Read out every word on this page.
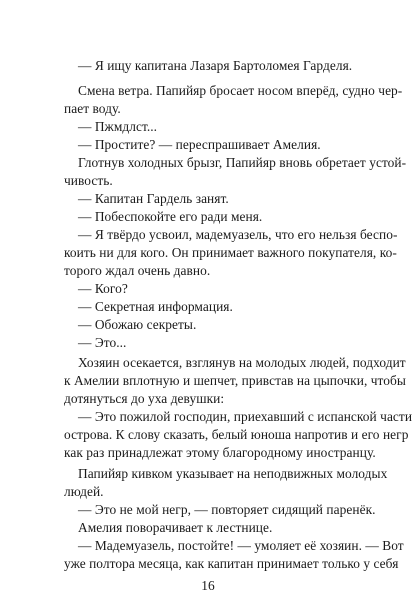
— Я ищу капитана Лазаря Бартоломея Гарделя.

Смена ветра. Папийяр бросает носом вперёд, судно чер-

пает воду.

— Пжмдлст...

— Простите? — переспрашивает Амелия.

Глотнув холодных брызг, Папийяр вновь обретает устой-

чивость.

— Капитан Гардель занят.

— Побеспокойте его ради меня.

— Я твёрдо усвоил, мадемуазель, что его нельзя беспо-

коить ни для кого. Он принимает важного покупателя, ко-

торого ждал очень давно.

— Кого?

— Секретная информация.

— Обожаю секреты.

— Это...

Хозяин осекается, взглянув на молодых людей, подходит

к Амелии вплотную и шепчет, привстав на цыпочки, чтобы

дотянуться до уха девушки:

— Это пожилой господин, приехавший с испанской части

острова. К слову сказать, белый юноша напротив и его негр

как раз принадлежат этому благородному иностранцу.

Папийяр кивком указывает на неподвижных молодых

людей.

— Это не мой негр, — повторяет сидящий паренёк.

Амелия поворачивает к лестнице.

— Мадемуазель, постойте! — умоляет её хозяин. — Вот

уже полтора месяца, как капитан принимает только у себя

16
